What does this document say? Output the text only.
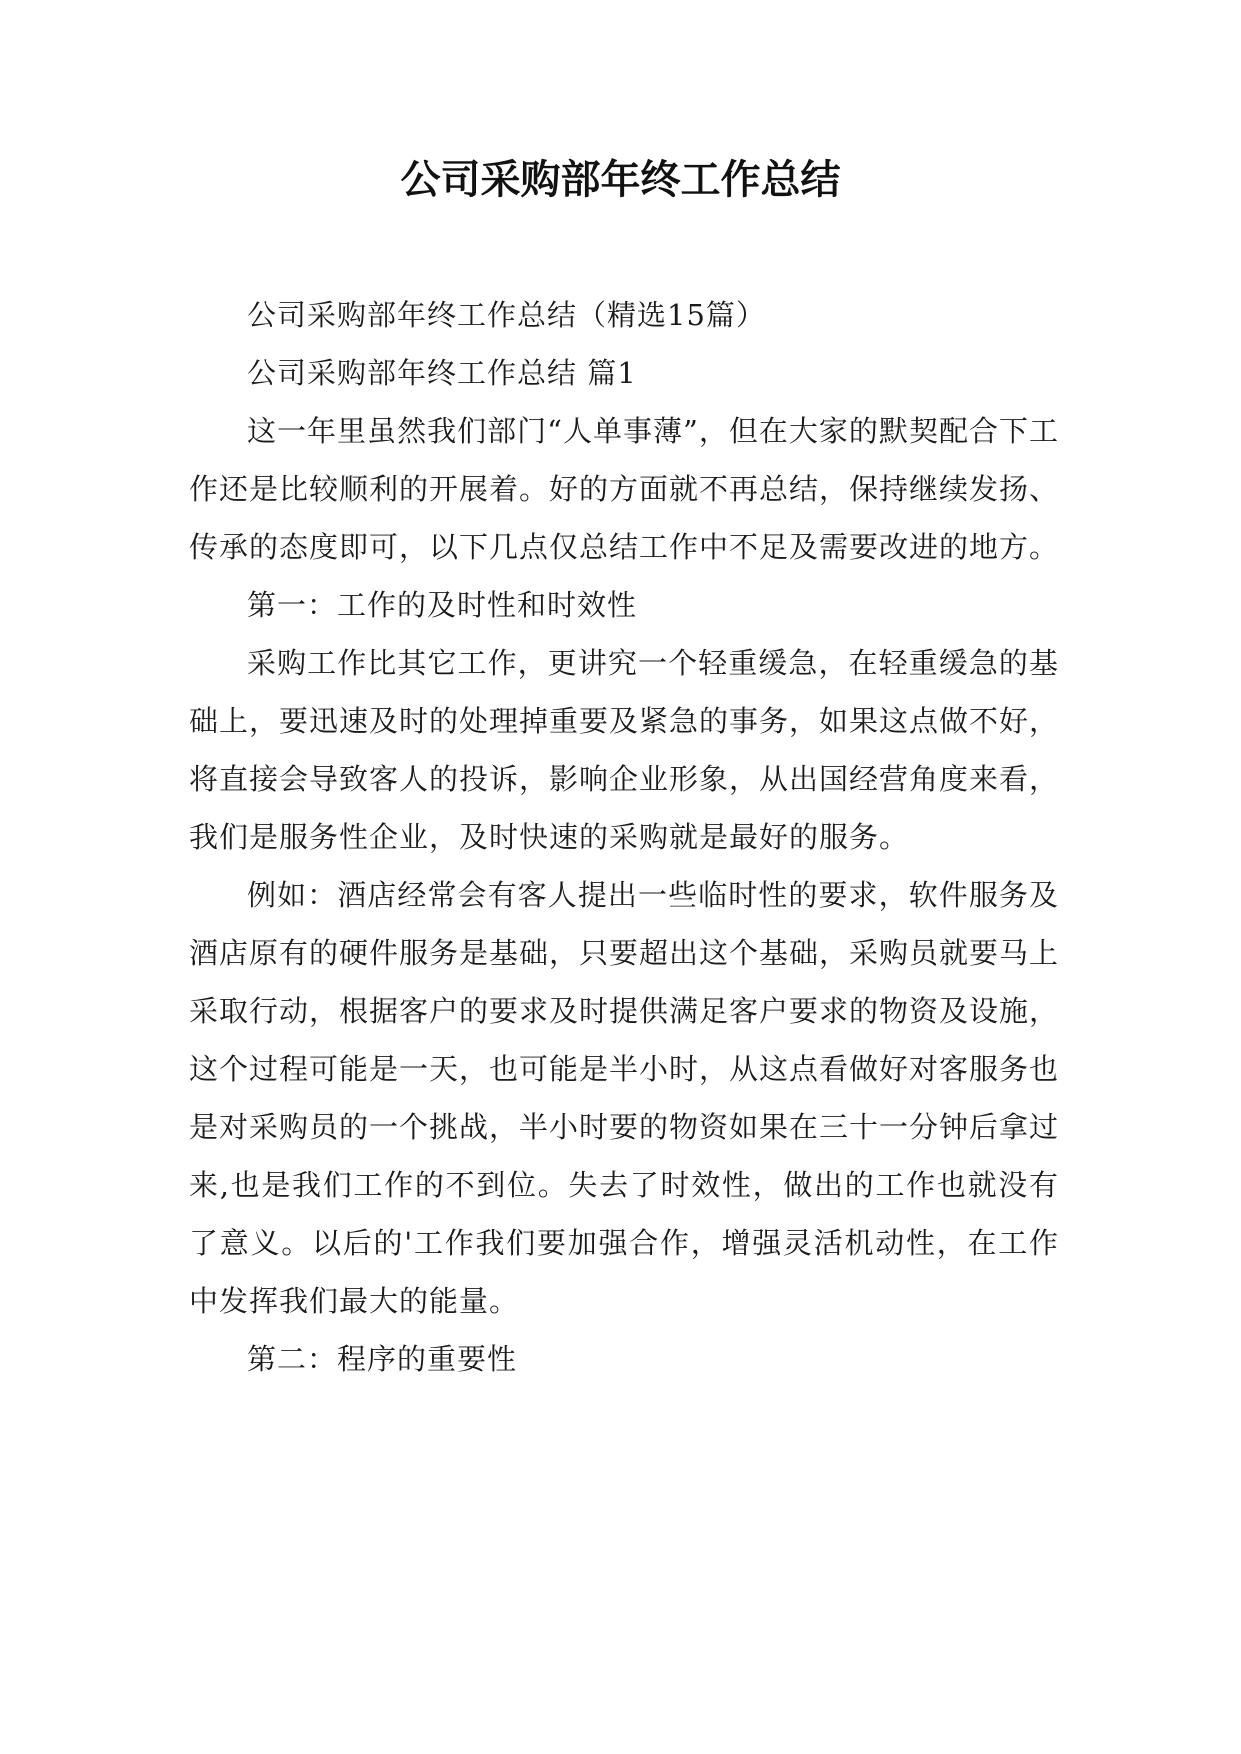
公司采购部年终工作总结

公司采购部年终工作总结（精选15篇）

公司采购部年终工作总结 篇1

这一年里虽然我们部门“人单事薄”，但在大家的默契配合下工作还是比较顺利的开展着。好的方面就不再总结，保持继续发扬、传承的态度即可，以下几点仅总结工作中不足及需要改进的地方。

第一：工作的及时性和时效性

采购工作比其它工作，更讲究一个轻重缓急，在轻重缓急的基础上，要迅速及时的处理掉重要及紧急的事务，如果这点做不好，将直接会导致客人的投诉，影响企业形象，从出国经营角度来看，我们是服务性企业，及时快速的采购就是最好的服务。

例如：酒店经常会有客人提出一些临时性的要求，软件服务及酒店原有的硬件服务是基础，只要超出这个基础，采购员就要马上采取行动，根据客户的要求及时提供满足客户要求的物资及设施，这个过程可能是一天，也可能是半小时，从这点看做好对客服务也是对采购员的一个挑战，半小时要的物资如果在三十一分钟后拿过来,也是我们工作的不到位。失去了时效性，做出的工作也就没有了意义。以后的'工作我们要加强合作，增强灵活机动性，在工作中发挥我们最大的能量。

第二：程序的重要性
